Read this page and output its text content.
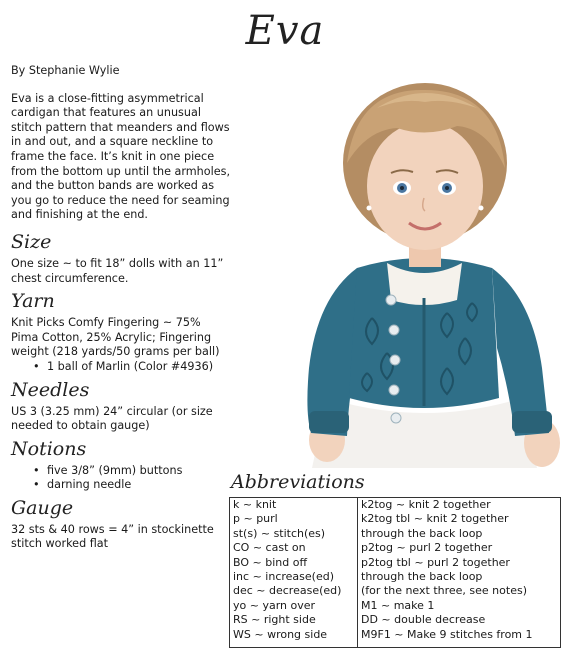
Eva
By Stephanie Wylie
Eva is a close-fitting asymmetrical cardigan that features an unusual stitch pattern that meanders and flows in and out, and a square neckline to frame the face. It’s knit in one piece from the bottom up until the armholes, and the button bands are worked as you go to reduce the need for seaming and finishing at the end.
Size
One size ~ to fit 18” dolls with an 11” chest circumference.
Yarn
Knit Picks Comfy Fingering ~ 75% Pima Cotton, 25% Acrylic; Fingering weight (218 yards/50 grams per ball)
• 1 ball of Marlin (Color #4936)
Needles
US 3 (3.25 mm) 24” circular (or size needed to obtain gauge)
Notions
• five 3/8” (9mm) buttons
• darning needle
Gauge
32 sts & 40 rows = 4” in stockinette stitch worked flat
Abbreviations
k ~ knit
p ~ purl
st(s) ~ stitch(es)
CO ~ cast on
BO ~ bind off
inc ~ increase(ed)
dec ~ decrease(ed)
yo ~ yarn over
RS ~ right side
WS ~ wrong side
k2tog ~ knit 2 together
k2tog tbl ~ knit 2 together
through the back loop
p2tog ~ purl 2 together
p2tog tbl ~ purl 2 together
through the back loop
(for the next three, see notes)
M1 ~ make 1
DD ~ double decrease
M9F1 ~ Make 9 stitches from 1
